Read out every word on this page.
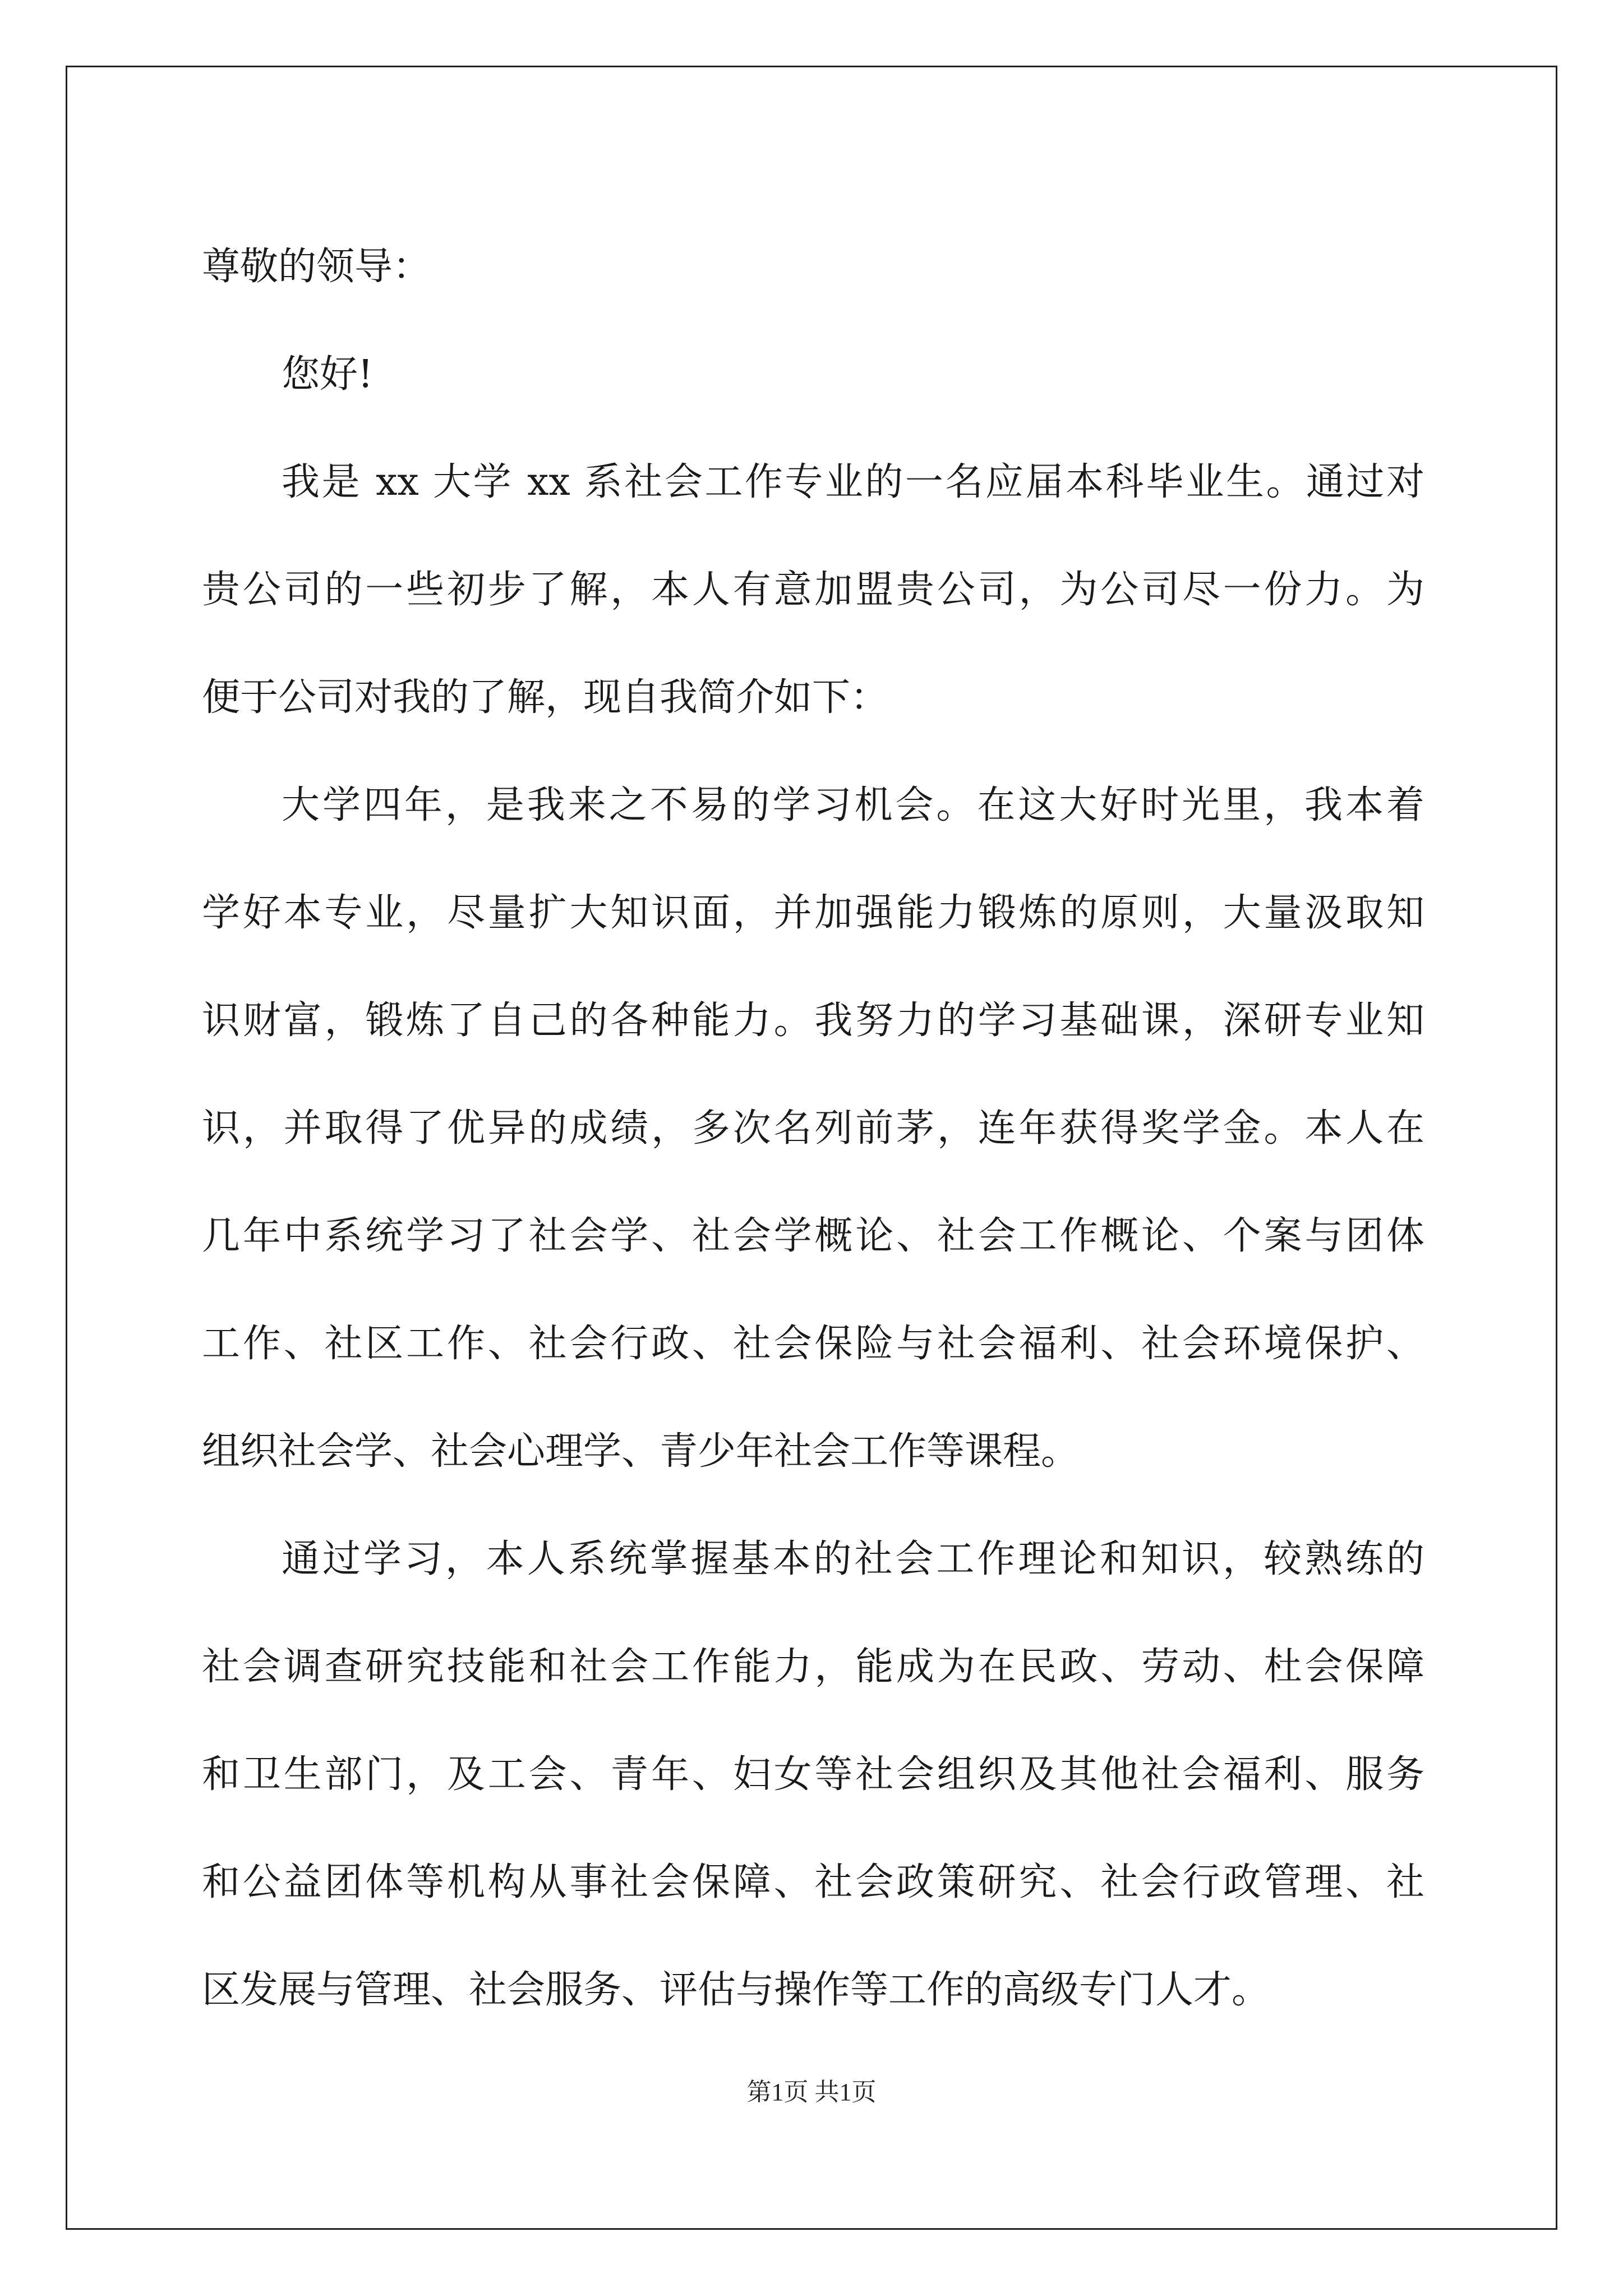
尊敬的领导：
您好!
我是 xx 大学 xx 系社会工作专业的一名应届本科毕业生。通过对
贵公司的一些初步了解，本人有意加盟贵公司，为公司尽一份力。为
便于公司对我的了解，现自我简介如下：
大学四年，是我来之不易的学习机会。在这大好时光里，我本着
学好本专业，尽量扩大知识面，并加强能力锻炼的原则，大量汲取知
识财富，锻炼了自己的各种能力。我努力的学习基础课，深研专业知
识，并取得了优异的成绩，多次名列前茅，连年获得奖学金。本人在
几年中系统学习了社会学、社会学概论、社会工作概论、个案与团体
工作、社区工作、社会行政、社会保险与社会福利、社会环境保护、
组织社会学、社会心理学、青少年社会工作等课程。
通过学习，本人系统掌握基本的社会工作理论和知识，较熟练的
社会调查研究技能和社会工作能力，能成为在民政、劳动、杜会保障
和卫生部门，及工会、青年、妇女等社会组织及其他社会福利、服务
和公益团体等机构从事社会保障、社会政策研究、社会行政管理、社
区发展与管理、社会服务、评估与操作等工作的高级专门人才。
第1页 共1页
